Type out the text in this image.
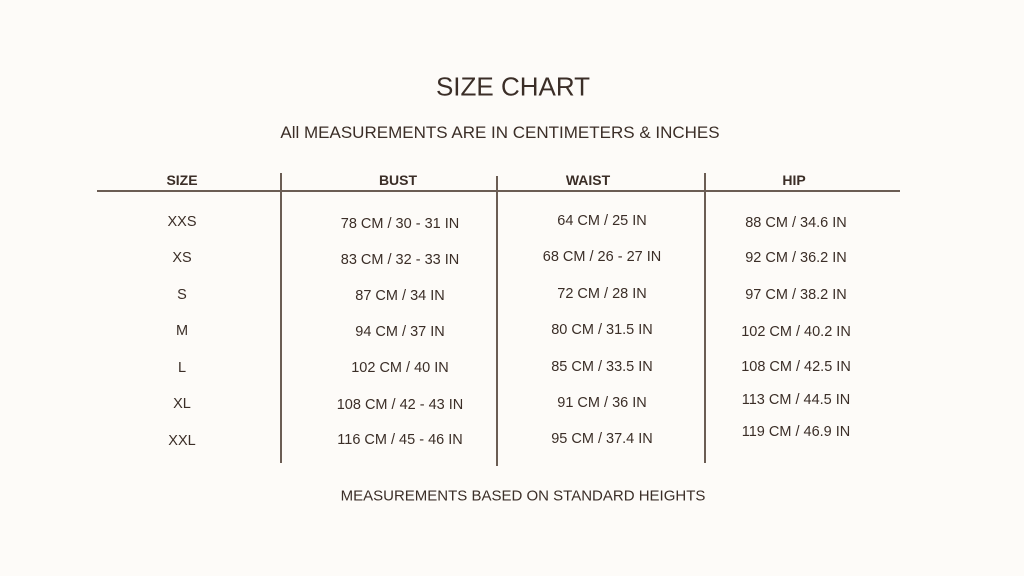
SIZE CHART
All MEASUREMENTS ARE IN CENTIMETERS & INCHES
SIZE	BUST	WAIST	HIP
XXS	78 CM / 30 - 31 IN	64 CM / 25 IN	88 CM / 34.6 IN
XS	83 CM / 32 - 33 IN	68 CM / 26 - 27 IN	92 CM / 36.2 IN
S	87 CM / 34 IN	72 CM / 28 IN	97 CM / 38.2 IN
M	94 CM / 37 IN	80 CM / 31.5 IN	102 CM / 40.2 IN
L	102 CM / 40 IN	85 CM / 33.5 IN	108 CM / 42.5 IN
XL	108 CM / 42 - 43 IN	91 CM / 36 IN	113 CM / 44.5 IN
XXL	116 CM / 45 - 46 IN	95 CM / 37.4 IN	119 CM / 46.9 IN
MEASUREMENTS BASED ON STANDARD HEIGHTS
